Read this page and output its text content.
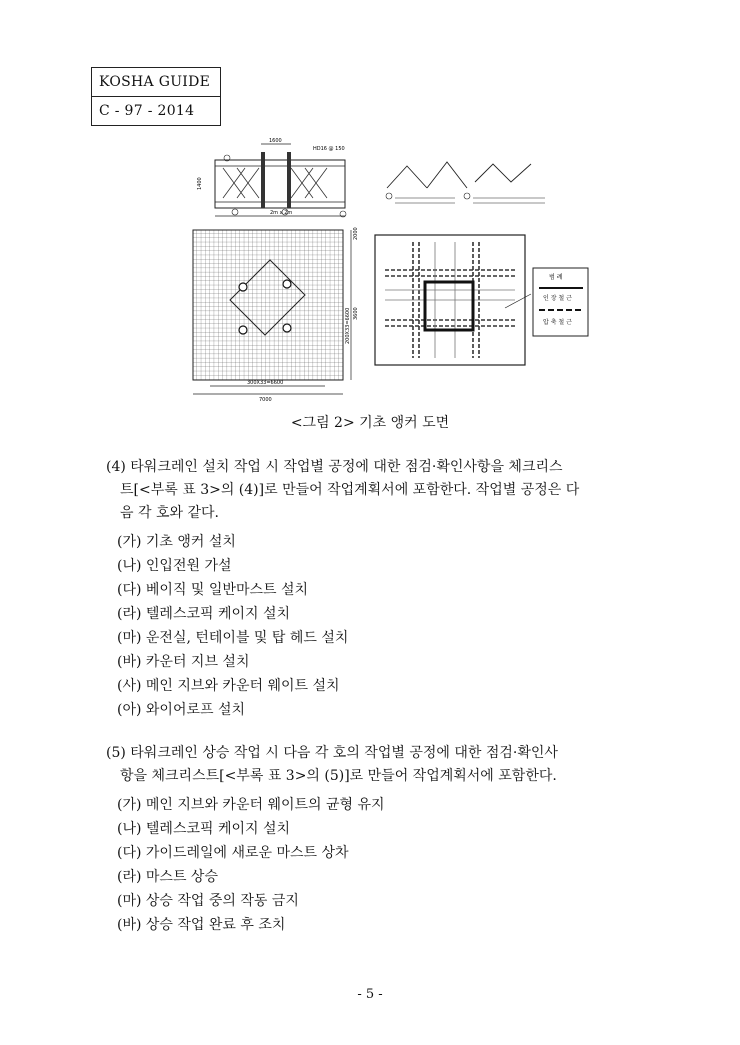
KOSHA GUIDE
C - 97 - 2014
1600
HD16 @ 150
2m x 2m
1400
7000
300X33=6600
2000
3600
200X33=6600
범 례
인 장 철 근
압 축 철 근
<그림 2> 기초 앵커 도면
(4) 타워크레인 설치 작업 시 작업별 공정에 대한 점검·확인사항을 체크리스
트[<부록 표 3>의 (4)]로 만들어 작업계획서에 포함한다. 작업별 공정은 다
음 각 호와 같다.
(가) 기초 앵커 설치
(나) 인입전원 가설
(다) 베이직 및 일반마스트 설치
(라) 텔레스코픽 케이지 설치
(마) 운전실, 턴테이블 및 탑 헤드 설치
(바) 카운터 지브 설치
(사) 메인 지브와 카운터 웨이트 설치
(아) 와이어로프 설치
(5) 타워크레인 상승 작업 시 다음 각 호의 작업별 공정에 대한 점검·확인사
항을 체크리스트[<부록 표 3>의 (5)]로 만들어 작업계획서에 포함한다.
(가) 메인 지브와 카운터 웨이트의 균형 유지
(나) 텔레스코픽 케이지 설치
(다) 가이드레일에 새로운 마스트 상차
(라) 마스트 상승
(마) 상승 작업 중의 작동 금지
(바) 상승 작업 완료 후 조치
- 5 -
